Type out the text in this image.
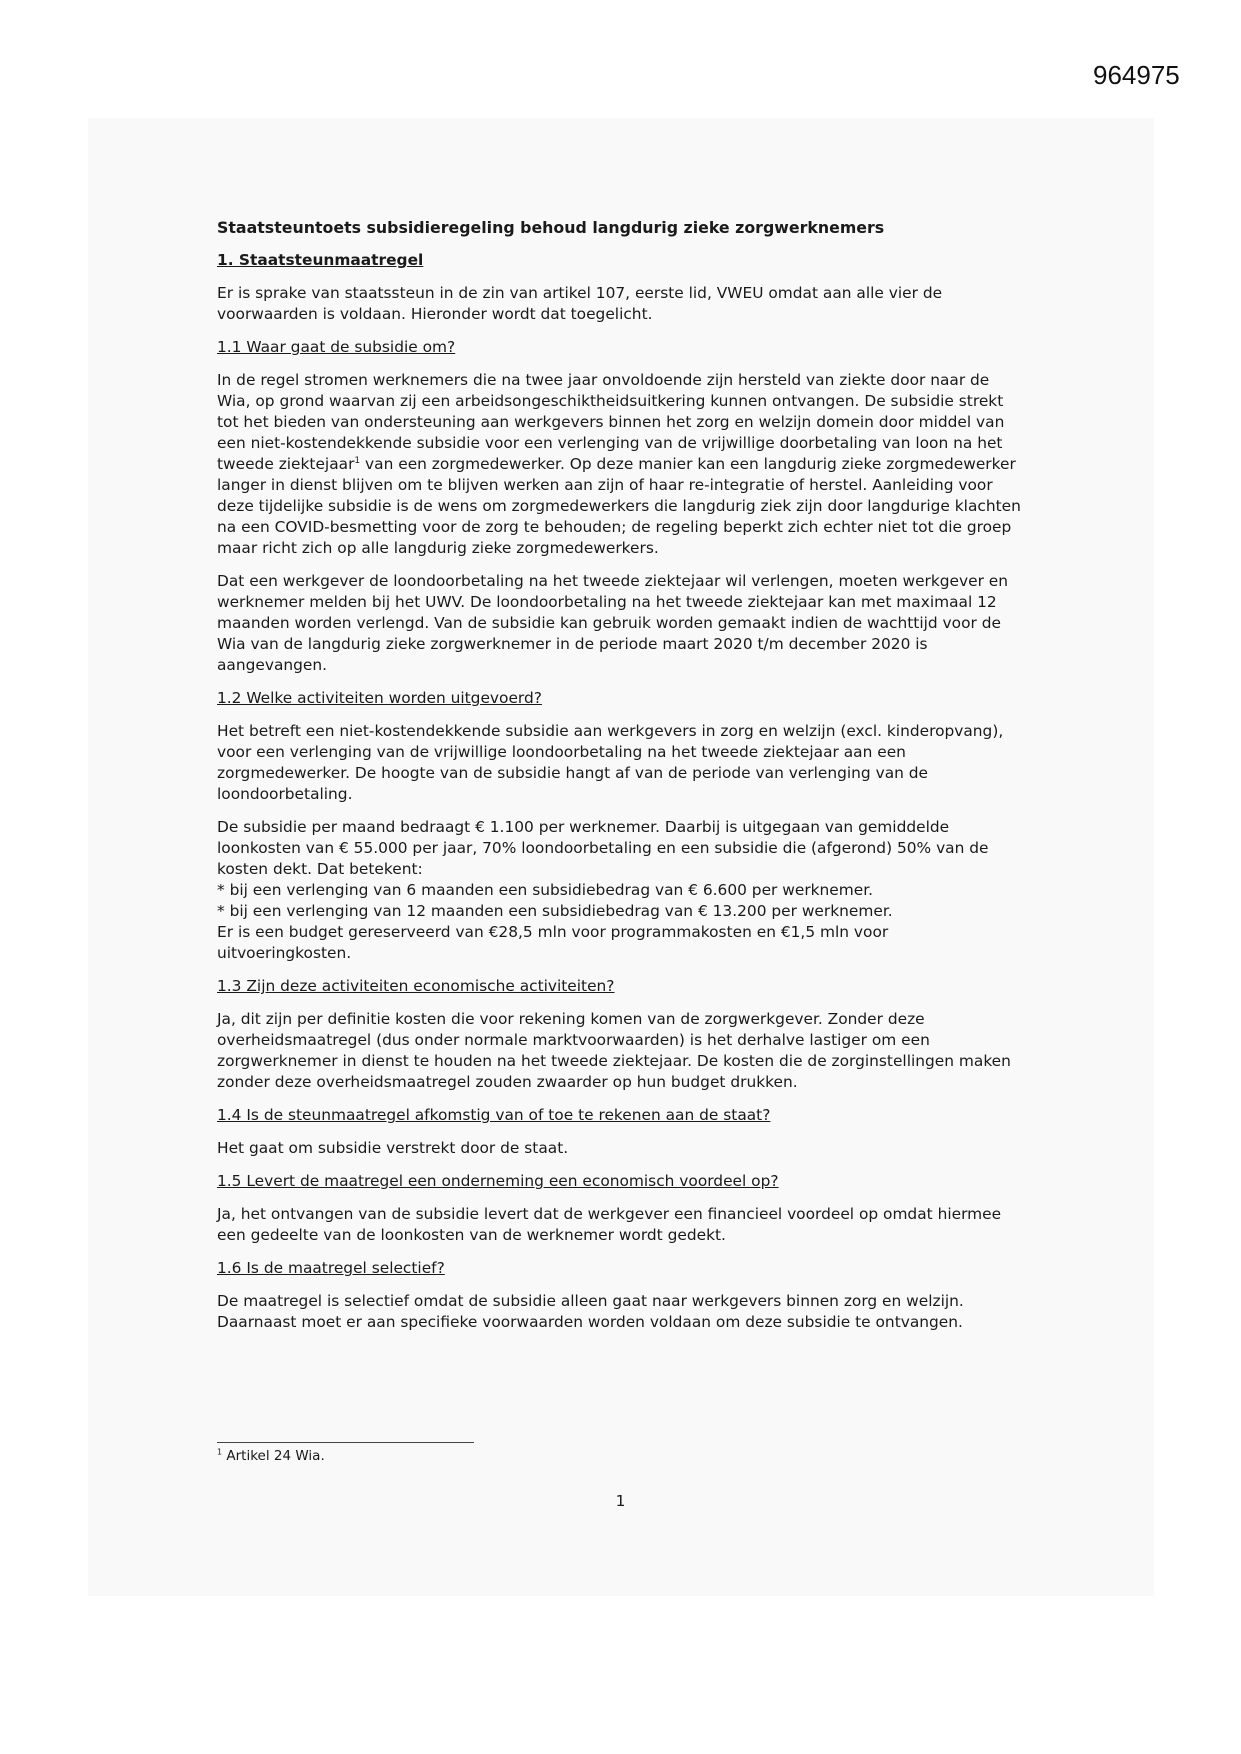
964975
Staatsteuntoets subsidieregeling behoud langdurig zieke zorgwerknemers
1. Staatsteunmaatregel

Er is sprake van staatssteun in de zin van artikel 107, eerste lid, VWEU omdat aan alle vier de voorwaarden is voldaan. Hieronder wordt dat toegelicht.

1.1 Waar gaat de subsidie om?

In de regel stromen werknemers die na twee jaar onvoldoende zijn hersteld van ziekte door naar de Wia, op grond waarvan zij een arbeidsongeschiktheidsuitkering kunnen ontvangen. De subsidie strekt tot het bieden van ondersteuning aan werkgevers binnen het zorg en welzijn domein door middel van een niet-kostendekkende subsidie voor een verlenging van de vrijwillige doorbetaling van loon na het tweede ziektejaar$^1$ van een zorgmedewerker. Op deze manier kan een langdurig zieke zorgmedewerker langer in dienst blijven om te blijven werken aan zijn of haar re-integratie of herstel. Aanleiding voor deze tijdelijke subsidie is de wens om zorgmedewerkers die langdurig ziek zijn door langdurige klachten na een COVID-besmetting voor de zorg te behouden; de regeling beperkt zich echter niet tot die groep maar richt zich op alle langdurig zieke zorgmedewerkers.

Dat een werkgever de loondoorbetaling na het tweede ziektejaar wil verlengen, moeten werkgever en werknemer melden bij het UWV. De loondoorbetaling na het tweede ziektejaar kan met maximaal 12 maanden worden verlengd. Van de subsidie kan gebruik worden gemaakt indien de wachttijd voor de Wia van de langdurig zieke zorgwerknemer in de periode maart 2020 t/m december 2020 is aangevangen.

1.2 Welke activiteiten worden uitgevoerd?

Het betreft een niet-kostendekkende subsidie aan werkgevers in zorg en welzijn (excl. kinderopvang), voor een verlenging van de vrijwillige loondoorbetaling na het tweede ziektejaar aan een zorgmedewerker. De hoogte van de subsidie hangt af van de periode van verlenging van de loondoorbetaling.

De subsidie per maand bedraagt € 1.100 per werknemer. Daarbij is uitgegaan van gemiddelde loonkosten van € 55.000 per jaar, 70% loondoorbetaling en een subsidie die (afgerond) 50% van de kosten dekt. Dat betekent:
* bij een verlenging van 6 maanden een subsidiebedrag van € 6.600 per werknemer.
* bij een verlenging van 12 maanden een subsidiebedrag van € 13.200 per werknemer.
Er is een budget gereserveerd van €28,5 mln voor programmakosten en €1,5 mln voor uitvoeringkosten.
1.3 Zijn deze activiteiten economische activiteiten?

Ja, dit zijn per definitie kosten die voor rekening komen van de zorgwerkgever. Zonder deze overheidsmaatregel (dus onder normale marktvoorwaarden) is het derhalve lastiger om een zorgwerknemer in dienst te houden na het tweede ziektejaar. De kosten die de zorginstellingen maken zonder deze overheidsmaatregel zouden zwaarder op hun budget drukken.

1.4 Is de steunmaatregel afkomstig van of toe te rekenen aan de staat?

Het gaat om subsidie verstrekt door de staat.

1.5 Levert de maatregel een onderneming een economisch voordeel op?

Ja, het ontvangen van de subsidie levert dat de werkgever een financieel voordeel op omdat hiermee een gedeelte van de loonkosten van de werknemer wordt gedekt.

1.6 Is de maatregel selectief?

De maatregel is selectief omdat de subsidie alleen gaat naar werkgevers binnen zorg en welzijn. Daarnaast moet er aan specifieke voorwaarden worden voldaan om deze subsidie te ontvangen.

$^1$ Artikel 24 Wia.
1
